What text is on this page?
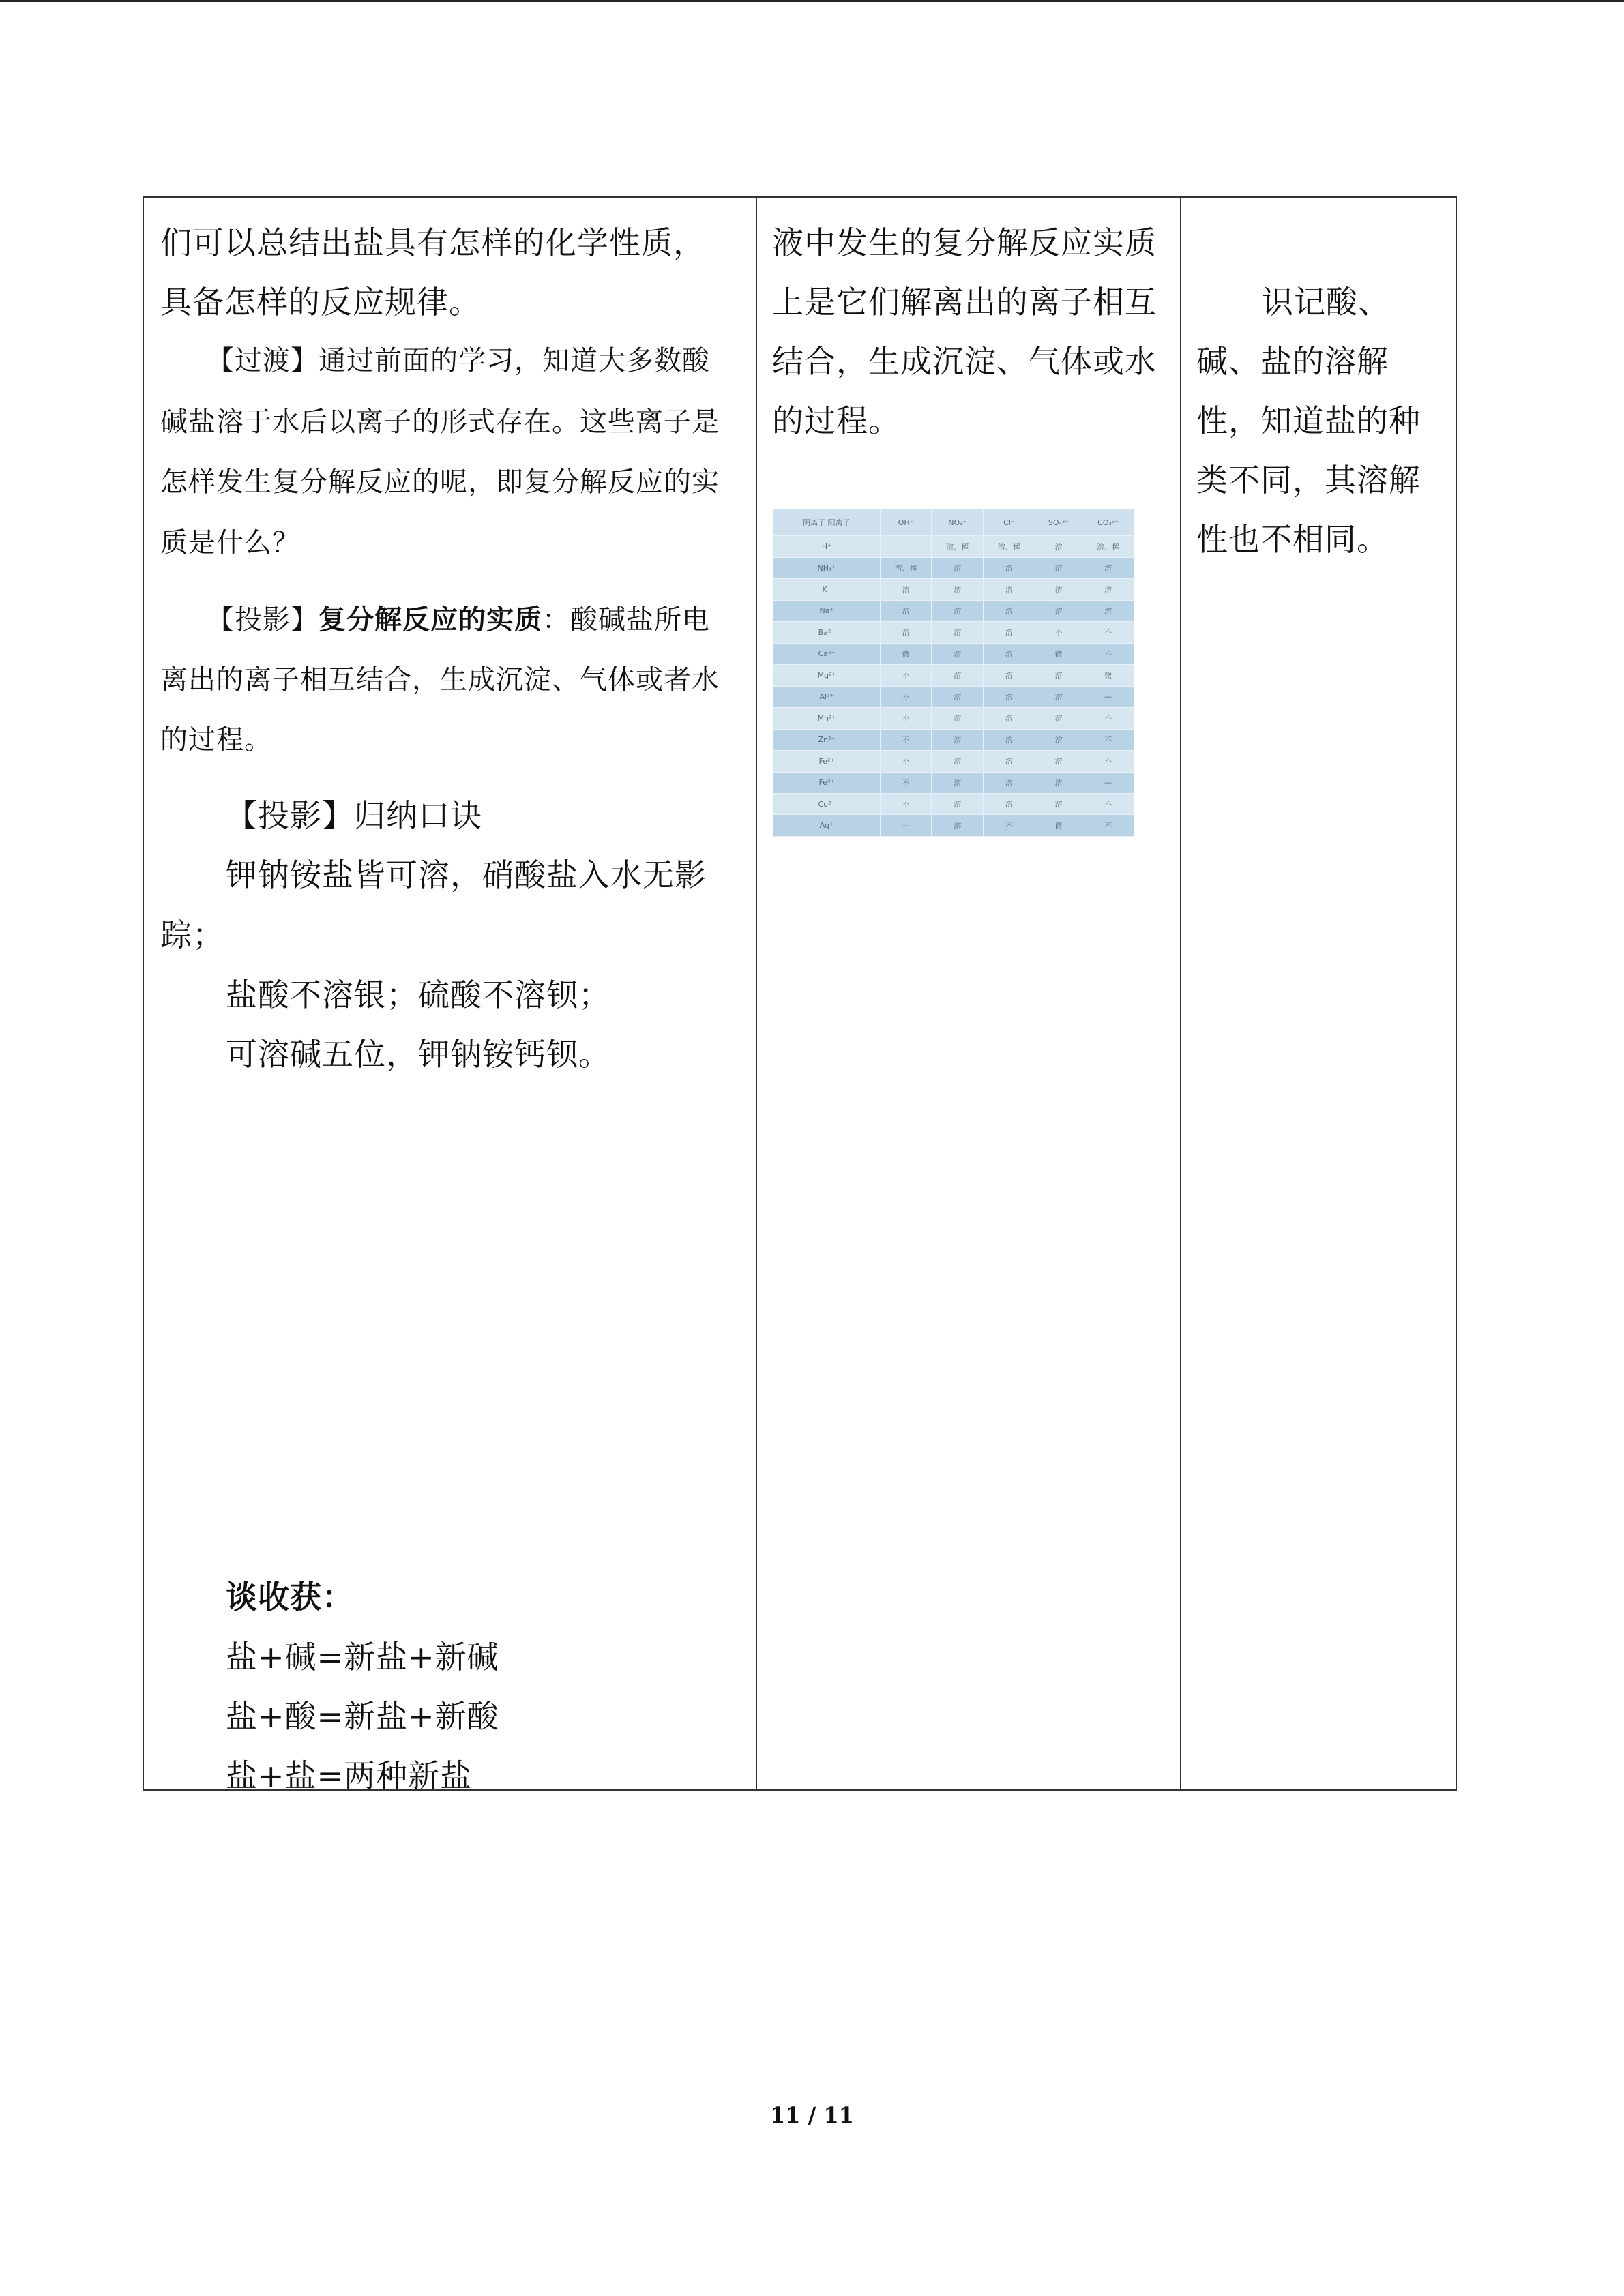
们可以总结出盐具有怎样的化学性质，
具备怎样的反应规律。
【过渡】通过前面的学习，知道大多数酸
碱盐溶于水后以离子的形式存在。这些离子是
怎样发生复分解反应的呢，即复分解反应的实
质是什么？
【投影】复分解反应的实质：酸碱盐所电
离出的离子相互结合，生成沉淀、气体或者水
的过程。
【投影】归纳口诀
钾钠铵盐皆可溶，硝酸盐入水无影
踪；
盐酸不溶银；硫酸不溶钡；
可溶碱五位，钾钠铵钙钡。
谈收获：
盐+碱=新盐+新碱
盐+酸=新盐+新酸
盐+盐=两种新盐
液中发生的复分解反应实质
上是它们解离出的离子相互
结合，生成沉淀、气体或水
的过程。
阴离子 阳离子	OH⁻	NO₃⁻	Cl⁻	SO₄²⁻	CO₃²⁻
H⁺		溶、挥	溶、挥	溶	溶、挥
NH₄⁺	溶、挥	溶	溶	溶	溶
K⁺	溶	溶	溶	溶	溶
Na⁺	溶	溶	溶	溶	溶
Ba²⁺	溶	溶	溶	不	不
Ca²⁺	微	溶	溶	微	不
Mg²⁺	不	溶	溶	溶	微
Al³⁺	不	溶	溶	溶	—
Mn²⁺	不	溶	溶	溶	不
Zn²⁺	不	溶	溶	溶	不
Fe²⁺	不	溶	溶	溶	不
Fe³⁺	不	溶	溶	溶	—
Cu²⁺	不	溶	溶	溶	不
Ag⁺	—	溶	不	微	不
识记酸、
碱、盐的溶解
性，知道盐的种
类不同，其溶解
性也不相同。
11 / 11
